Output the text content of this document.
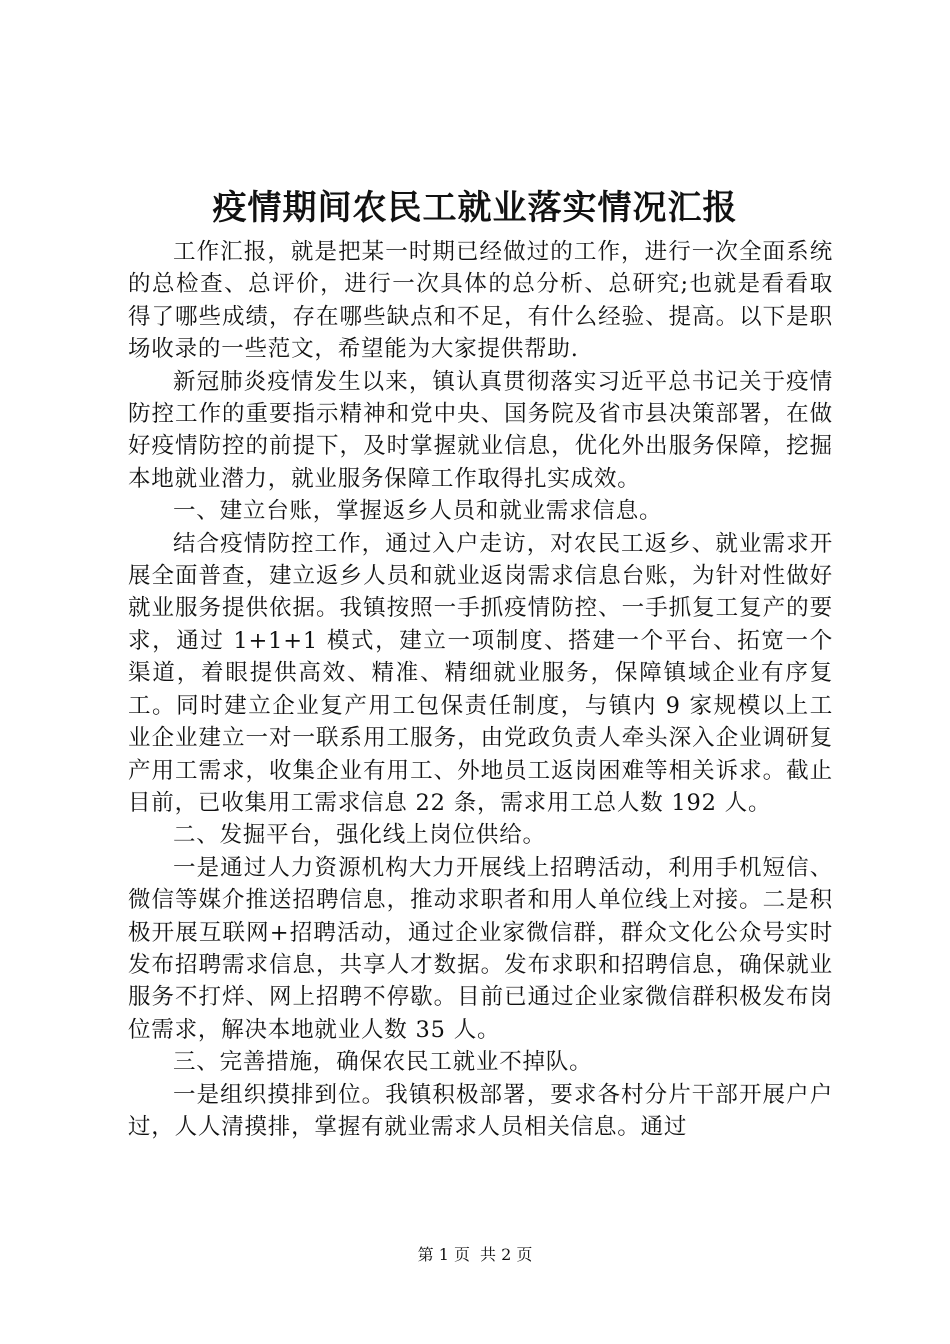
疫情期间农民工就业落实情况汇报

工作汇报，就是把某一时期已经做过的工作，进行一次全面系统的总检查、总评价，进行一次具体的总分析、总研究;也就是看看取得了哪些成绩，存在哪些缺点和不足，有什么经验、提高。以下是职场收录的一些范文，希望能为大家提供帮助.

新冠肺炎疫情发生以来，镇认真贯彻落实习近平总书记关于疫情防控工作的重要指示精神和党中央、国务院及省市县决策部署，在做好疫情防控的前提下，及时掌握就业信息，优化外出服务保障，挖掘本地就业潜力，就业服务保障工作取得扎实成效。

一、建立台账，掌握返乡人员和就业需求信息。

结合疫情防控工作，通过入户走访，对农民工返乡、就业需求开展全面普查，建立返乡人员和就业返岗需求信息台账，为针对性做好就业服务提供依据。我镇按照一手抓疫情防控、一手抓复工复产的要求，通过 1+1+1 模式，建立一项制度、搭建一个平台、拓宽一个渠道，着眼提供高效、精准、精细就业服务，保障镇域企业有序复工。同时建立企业复产用工包保责任制度，与镇内 9 家规模以上工业企业建立一对一联系用工服务，由党政负责人牵头深入企业调研复产用工需求，收集企业有用工、外地员工返岗困难等相关诉求。截止目前，已收集用工需求信息 22 条，需求用工总人数 192 人。

二、发掘平台，强化线上岗位供给。

一是通过人力资源机构大力开展线上招聘活动，利用手机短信、微信等媒介推送招聘信息，推动求职者和用人单位线上对接。二是积极开展互联网+招聘活动，通过企业家微信群，群众文化公众号实时发布招聘需求信息，共享人才数据。发布求职和招聘信息，确保就业服务不打烊、网上招聘不停歇。目前已通过企业家微信群积极发布岗位需求，解决本地就业人数 35 人。

三、完善措施，确保农民工就业不掉队。

一是组织摸排到位。我镇积极部署，要求各村分片干部开展户户过，人人清摸排，掌握有就业需求人员相关信息。通过

第 1 页 共 2 页
